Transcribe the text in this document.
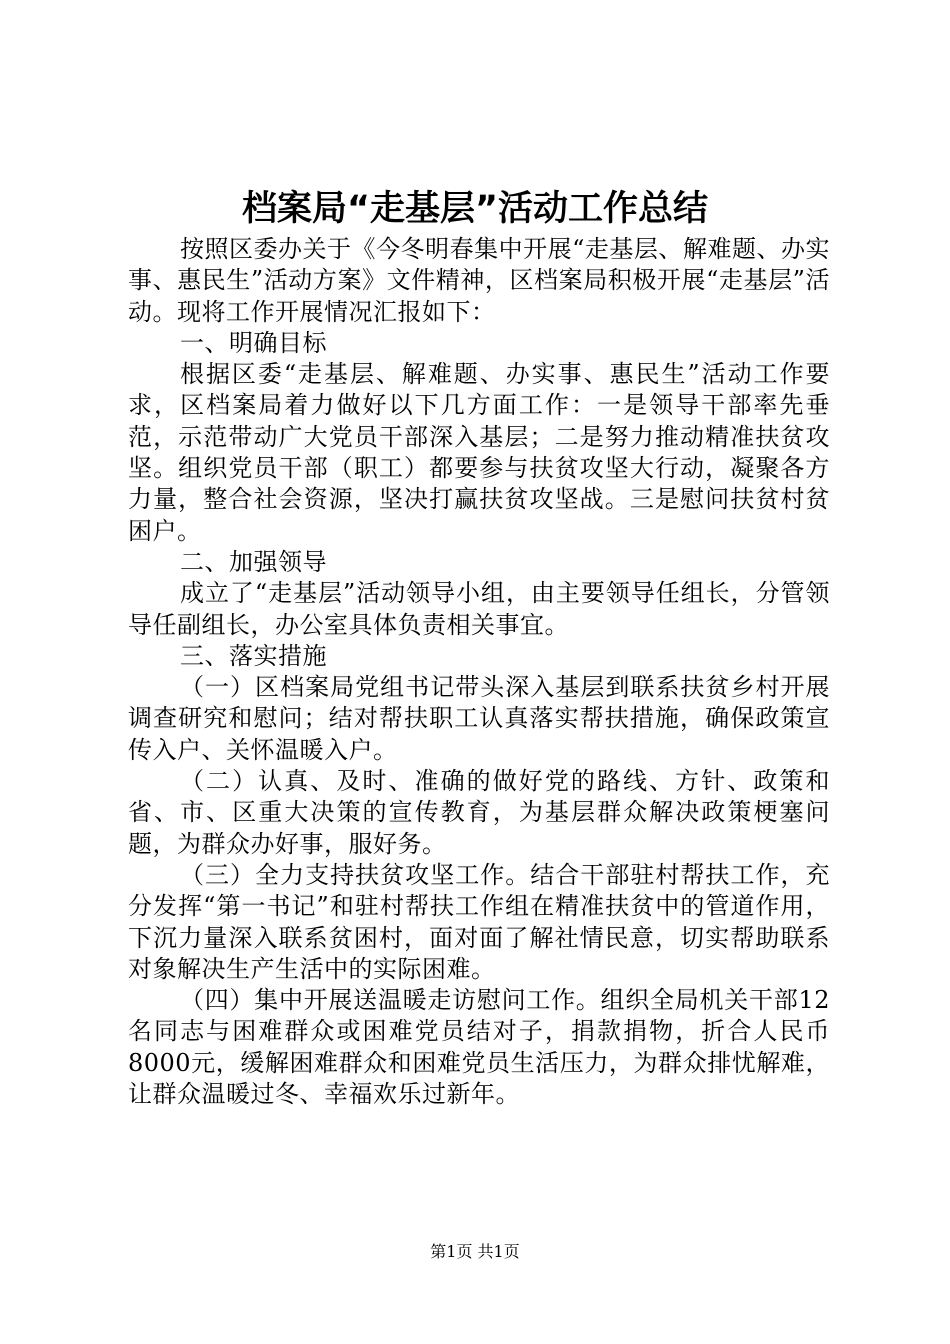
档案局“走基层”活动工作总结

按照区委办关于《今冬明春集中开展“走基层、解难题、办实事、惠民生”活动方案》文件精神，区档案局积极开展“走基层”活动。现将工作开展情况汇报如下：

一、明确目标

根据区委“走基层、解难题、办实事、惠民生”活动工作要求，区档案局着力做好以下几方面工作：一是领导干部率先垂范，示范带动广大党员干部深入基层；二是努力推动精准扶贫攻坚。组织党员干部（职工）都要参与扶贫攻坚大行动，凝聚各方力量，整合社会资源，坚决打赢扶贫攻坚战。三是慰问扶贫村贫困户。

二、加强领导

成立了“走基层”活动领导小组，由主要领导任组长，分管领导任副组长，办公室具体负责相关事宜。

三、落实措施

（一）区档案局党组书记带头深入基层到联系扶贫乡村开展调查研究和慰问；结对帮扶职工认真落实帮扶措施，确保政策宣传入户、关怀温暖入户。

（二）认真、及时、准确的做好党的路线、方针、政策和省、市、区重大决策的宣传教育，为基层群众解决政策梗塞问题，为群众办好事，服好务。

（三）全力支持扶贫攻坚工作。结合干部驻村帮扶工作，充分发挥“第一书记”和驻村帮扶工作组在精准扶贫中的管道作用，下沉力量深入联系贫困村，面对面了解社情民意，切实帮助联系对象解决生产生活中的实际困难。

（四）集中开展送温暖走访慰问工作。组织全局机关干部12名同志与困难群众或困难党员结对子，捐款捐物，折合人民币8000元，缓解困难群众和困难党员生活压力，为群众排忧解难，让群众温暖过冬、幸福欢乐过新年。

第1页 共1页
